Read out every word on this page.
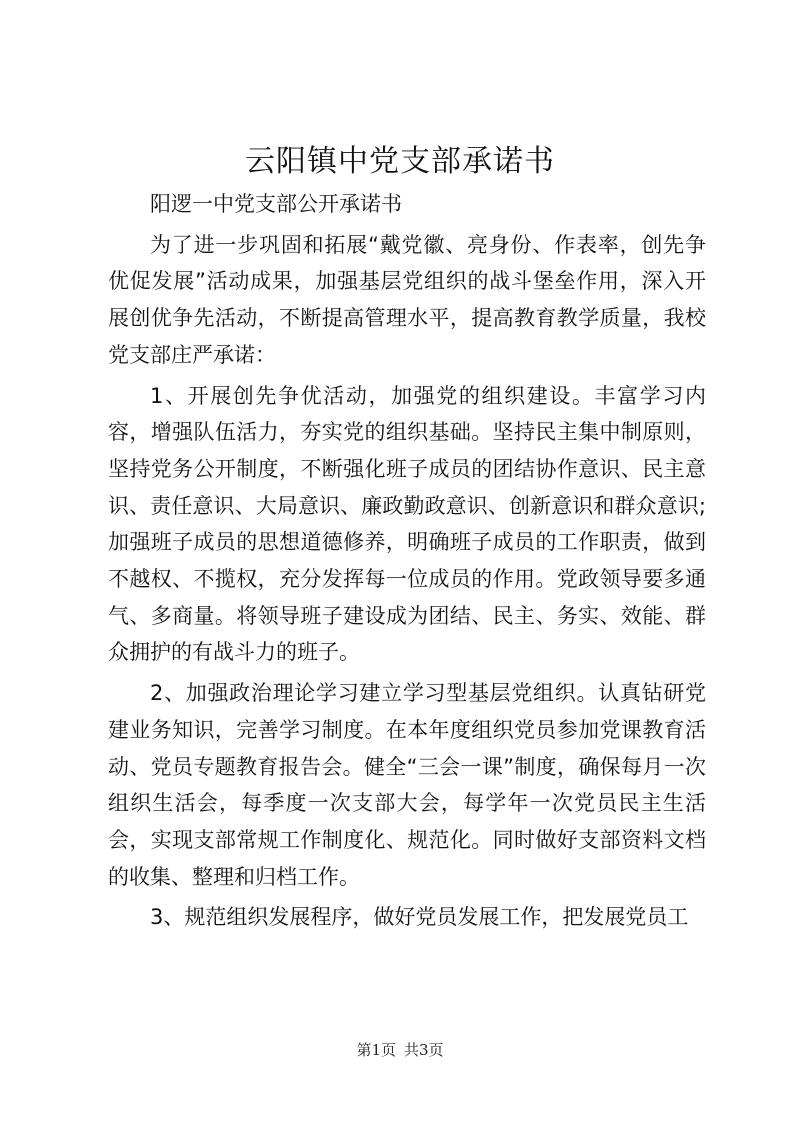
云阳镇中党支部承诺书

阳逻一中党支部公开承诺书

为了进一步巩固和拓展“戴党徽、亮身份、作表率，创先争优促发展”活动成果，加强基层党组织的战斗堡垒作用，深入开展创优争先活动，不断提高管理水平，提高教育教学质量，我校党支部庄严承诺：

1、开展创先争优活动，加强党的组织建设。丰富学习内容，增强队伍活力，夯实党的组织基础。坚持民主集中制原则，坚持党务公开制度，不断强化班子成员的团结协作意识、民主意识、责任意识、大局意识、廉政勤政意识、创新意识和群众意识;加强班子成员的思想道德修养，明确班子成员的工作职责，做到不越权、不揽权，充分发挥每一位成员的作用。党政领导要多通气、多商量。将领导班子建设成为团结、民主、务实、效能、群众拥护的有战斗力的班子。

2、加强政治理论学习建立学习型基层党组织。认真钻研党建业务知识，完善学习制度。在本年度组织党员参加党课教育活动、党员专题教育报告会。健全“三会一课”制度，确保每月一次组织生活会，每季度一次支部大会，每学年一次党员民主生活会，实现支部常规工作制度化、规范化。同时做好支部资料文档的收集、整理和归档工作。

3、规范组织发展程序，做好党员发展工作，把发展党员工

第1页 共3页
